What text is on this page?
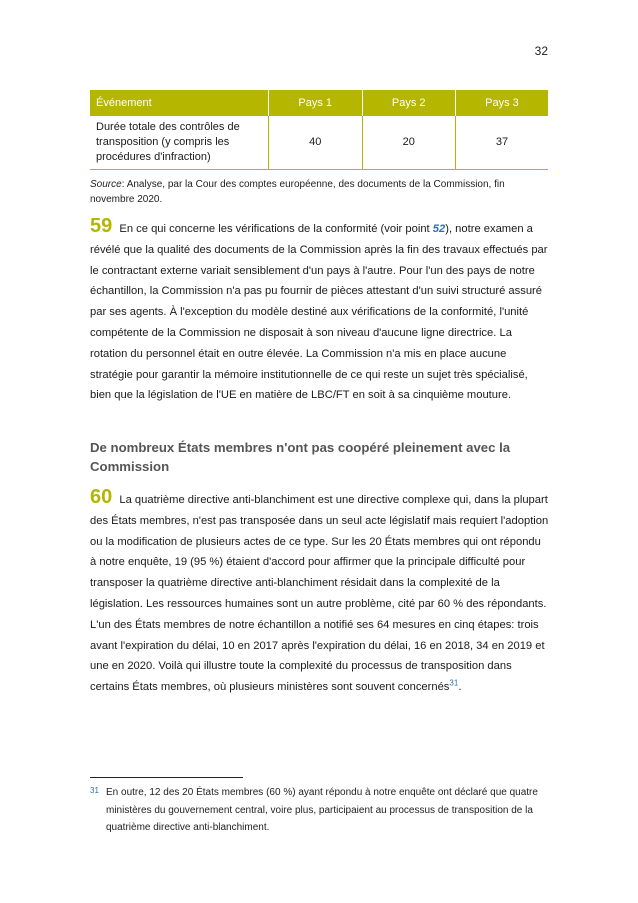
32
Événement	Pays 1	Pays 2	Pays 3
Durée totale des contrôles de transposition (y compris les procédures d'infraction)	40	20	37
Source: Analyse, par la Cour des comptes européenne, des documents de la Commission, fin novembre 2020.
59 En ce qui concerne les vérifications de la conformité (voir point 52), notre examen a révélé que la qualité des documents de la Commission après la fin des travaux effectués par le contractant externe variait sensiblement d'un pays à l'autre. Pour l'un des pays de notre échantillon, la Commission n'a pas pu fournir de pièces attestant d'un suivi structuré assuré par ses agents. À l'exception du modèle destiné aux vérifications de la conformité, l'unité compétente de la Commission ne disposait à son niveau d'aucune ligne directrice. La rotation du personnel était en outre élevée. La Commission n'a mis en place aucune stratégie pour garantir la mémoire institutionnelle de ce qui reste un sujet très spécialisé, bien que la législation de l'UE en matière de LBC/FT en soit à sa cinquième mouture.
De nombreux États membres n'ont pas coopéré pleinement avec la Commission
60 La quatrième directive anti-blanchiment est une directive complexe qui, dans la plupart des États membres, n'est pas transposée dans un seul acte législatif mais requiert l'adoption ou la modification de plusieurs actes de ce type. Sur les 20 États membres qui ont répondu à notre enquête, 19 (95 %) étaient d'accord pour affirmer que la principale difficulté pour transposer la quatrième directive anti-blanchiment résidait dans la complexité de la législation. Les ressources humaines sont un autre problème, cité par 60 % des répondants. L'un des États membres de notre échantillon a notifié ses 64 mesures en cinq étapes: trois avant l'expiration du délai, 10 en 2017 après l'expiration du délai, 16 en 2018, 34 en 2019 et une en 2020. Voilà qui illustre toute la complexité du processus de transposition dans certains États membres, où plusieurs ministères sont souvent concernés$^{31}$.
31 En outre, 12 des 20 États membres (60 %) ayant répondu à notre enquête ont déclaré que quatre ministères du gouvernement central, voire plus, participaient au processus de transposition de la quatrième directive anti-blanchiment.
